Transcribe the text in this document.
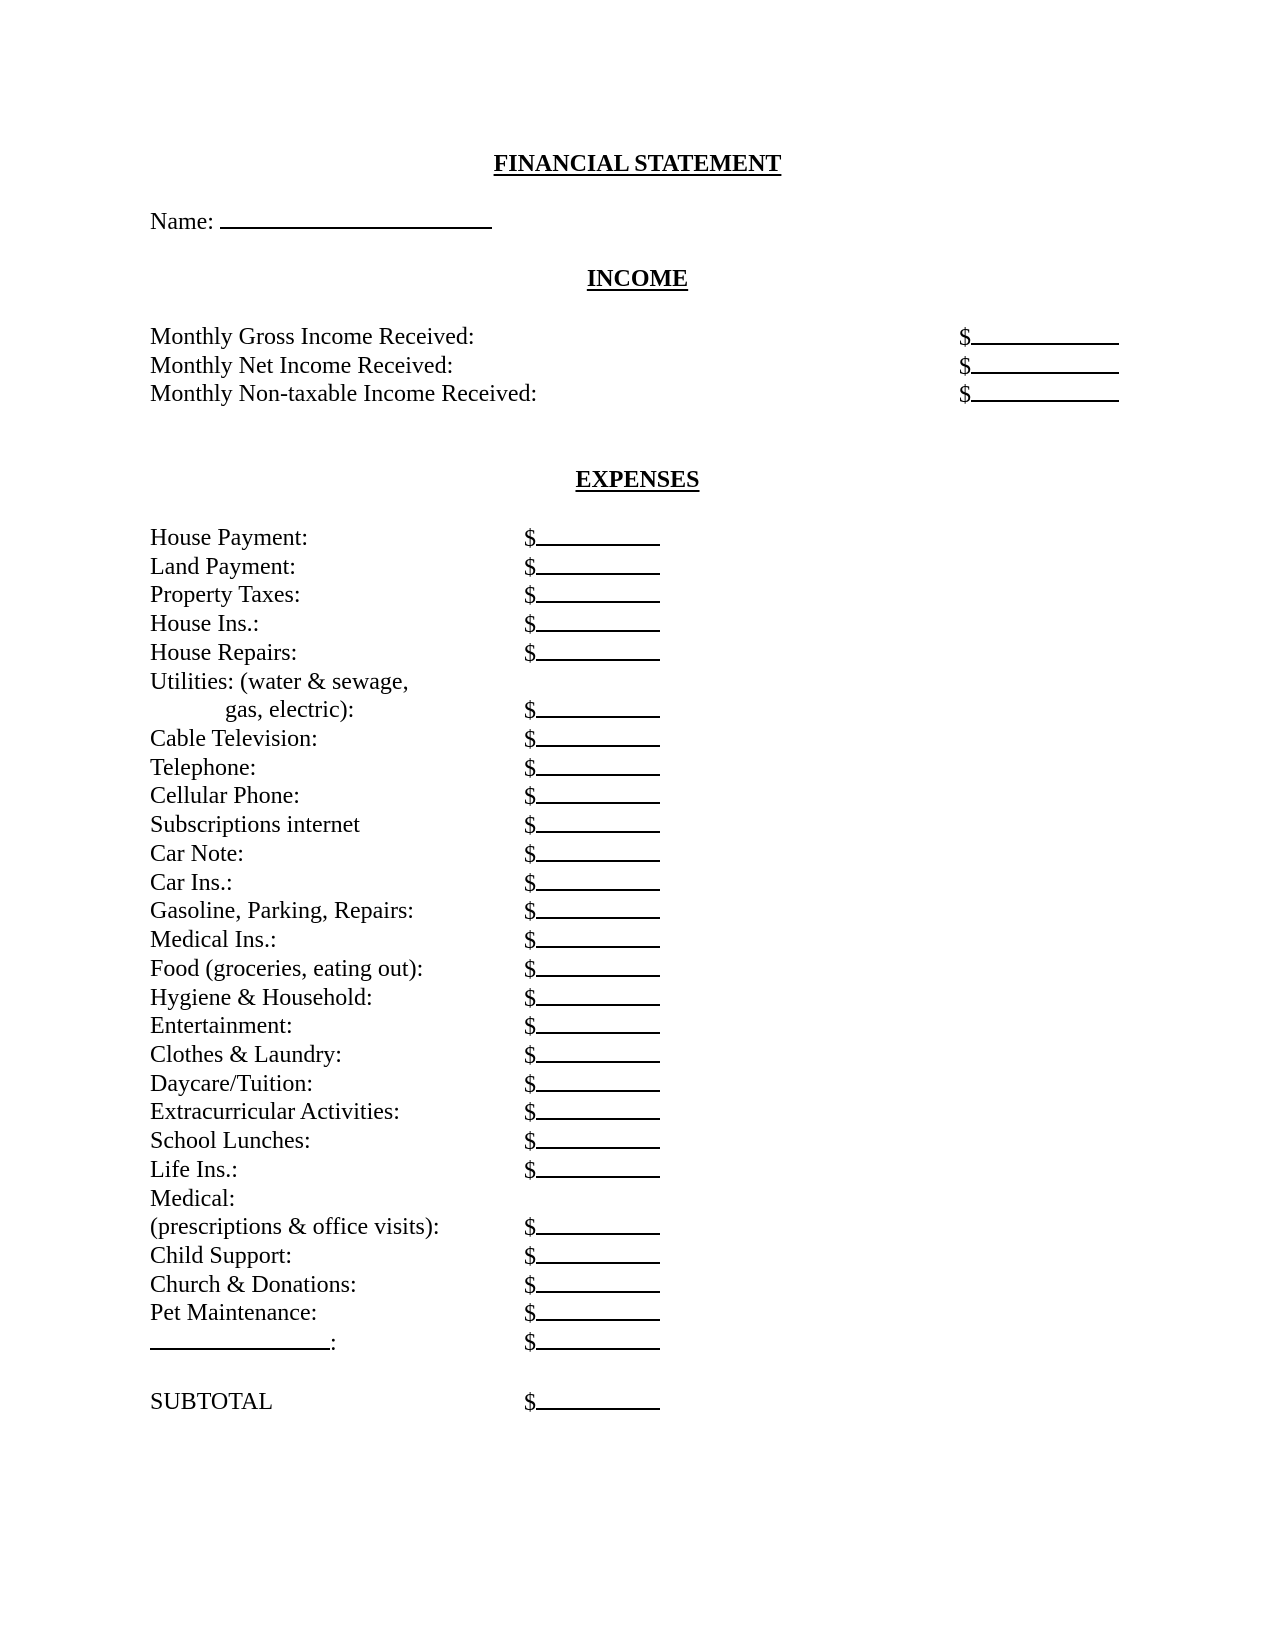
FINANCIAL STATEMENT
Name:
INCOME
Monthly Gross Income Received:	$
Monthly Net Income Received:	$
Monthly Non-taxable Income Received:	$
EXPENSES
House Payment:	$
Land Payment:	$
Property Taxes:	$
House Ins.:	$
House Repairs:	$
Utilities: (water & sewage,
gas, electric):	$
Cable Television:	$
Telephone:	$
Cellular Phone:	$
Subscriptions internet	$
Car Note:	$
Car Ins.:	$
Gasoline, Parking, Repairs:	$
Medical Ins.:	$
Food (groceries, eating out):	$
Hygiene & Household:	$
Entertainment:	$
Clothes & Laundry:	$
Daycare/Tuition:	$
Extracurricular Activities:	$
School Lunches:	$
Life Ins.:	$
Medical:
(prescriptions & office visits):	$
Child Support:	$
Church & Donations:	$
Pet Maintenance:	$
:	$
SUBTOTAL	$
